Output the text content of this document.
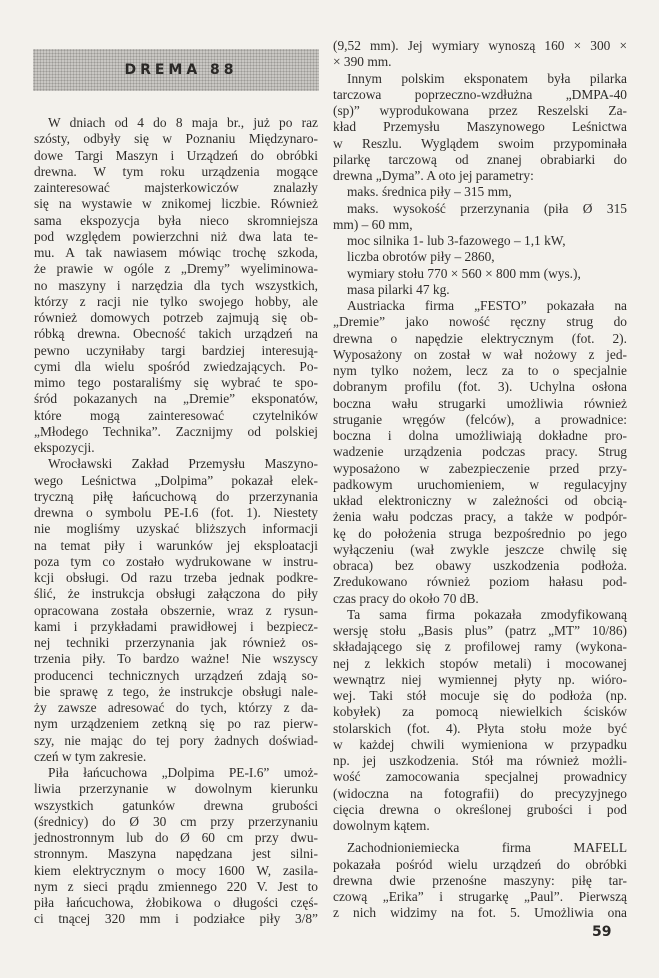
DREMA 88
W dniach od 4 do 8 maja br., już po raz
szósty, odbyły się w Poznaniu Międzynaro-
dowe Targi Maszyn i Urządzeń do obróbki
drewna. W tym roku urządzenia mogące
zainteresować majsterkowiczów znalazły
się na wystawie w znikomej liczbie. Również
sama ekspozycja była nieco skromniejsza
pod względem powierzchni niż dwa lata te-
mu. A tak nawiasem mówiąc trochę szkoda,
że prawie w ogóle z „Dremy” wyeliminowa-
no maszyny i narzędzia dla tych wszystkich,
którzy z racji nie tylko swojego hobby, ale
również domowych potrzeb zajmują się ob-
róbką drewna. Obecność takich urządzeń na
pewno uczyniłaby targi bardziej interesują-
cymi dla wielu spośród zwiedzających. Po-
mimo tego postaraliśmy się wybrać te spo-
śród pokazanych na „Dremie” eksponatów,
które mogą zainteresować czytelników
„Młodego Technika”. Zacznijmy od polskiej
ekspozycji.
Wrocławski Zakład Przemysłu Maszyno-
wego Leśnictwa „Dolpima” pokazał elek-
tryczną piłę łańcuchową do przerzynania
drewna o symbolu PE-I.6 (fot. 1). Niestety
nie mogliśmy uzyskać bliższych informacji
na temat piły i warunków jej eksploatacji
poza tym co zostało wydrukowane w instru-
kcji obsługi. Od razu trzeba jednak podkre-
ślić, że instrukcja obsługi załączona do piły
opracowana została obszernie, wraz z rysun-
kami i przykładami prawidłowej i bezpiecz-
nej techniki przerzynania jak również os-
trzenia piły. To bardzo ważne! Nie wszyscy
producenci technicznych urządzeń zdają so-
bie sprawę z tego, że instrukcje obsługi nale-
ży zawsze adresować do tych, którzy z da-
nym urządzeniem zetkną się po raz pierw-
szy, nie mając do tej pory żadnych doświad-
czeń w tym zakresie.
Piła łańcuchowa „Dolpima PE-I.6” umoż-
liwia przerzynanie w dowolnym kierunku
wszystkich gatunków drewna grubości
(średnicy) do Ø 30 cm przy przerzynaniu
jednostronnym lub do Ø 60 cm przy dwu-
stronnym. Maszyna napędzana jest silni-
kiem elektrycznym o mocy 1600 W, zasila-
nym z sieci prądu zmiennego 220 V. Jest to
piła łańcuchowa, żłobikowa o długości częś-
ci tnącej 320 mm i podziałce piły 3/8”
(9,52 mm). Jej wymiary wynoszą 160 × 300 ×
× 390 mm.
Innym polskim eksponatem była pilarka
tarczowa poprzeczno-wzdłużna „DMPA-40
(sp)” wyprodukowana przez Reszelski Za-
kład Przemysłu Maszynowego Leśnictwa
w Reszlu. Wyglądem swoim przypominała
pilarkę tarczową od znanej obrabiarki do
drewna „Dyma”. A oto jej parametry:
maks. średnica piły – 315 mm,
maks. wysokość przerzynania (piła Ø 315
mm) – 60 mm,
moc silnika 1- lub 3-fazowego – 1,1 kW,
liczba obrotów piły – 2860,
wymiary stołu 770 × 560 × 800 mm (wys.),
masa pilarki 47 kg.
Austriacka firma „FESTO” pokazała na
„Dremie” jako nowość ręczny strug do
drewna o napędzie elektrycznym (fot. 2).
Wyposażony on został w wał nożowy z jed-
nym tylko nożem, lecz za to o specjalnie
dobranym profilu (fot. 3). Uchylna osłona
boczna wału strugarki umożliwia również
struganie wręgów (felców), a prowadnice:
boczna i dolna umożliwiają dokładne pro-
wadzenie urządzenia podczas pracy. Strug
wyposażono w zabezpieczenie przed przy-
padkowym uruchomieniem, w regulacyjny
układ elektroniczny w zależności od obcią-
żenia wału podczas pracy, a także w podpór-
kę do położenia struga bezpośrednio po jego
wyłączeniu (wał zwykle jeszcze chwilę się
obraca) bez obawy uszkodzenia podłoża.
Zredukowano również poziom hałasu pod-
czas pracy do około 70 dB.
Ta sama firma pokazała zmodyfikowaną
wersję stołu „Basis plus” (patrz „MT” 10/86)
składającego się z profilowej ramy (wykona-
nej z lekkich stopów metali) i mocowanej
wewnątrz niej wymiennej płyty np. wióro-
wej. Taki stół mocuje się do podłoża (np.
kobyłek) za pomocą niewielkich ścisków
stolarskich (fot. 4). Płyta stołu może być
w każdej chwili wymieniona w przypadku
np. jej uszkodzenia. Stół ma również możli-
wość zamocowania specjalnej prowadnicy
(widoczna na fotografii) do precyzyjnego
cięcia drewna o określonej grubości i pod
dowolnym kątem.
Zachodnioniemiecka firma MAFELL
pokazała pośród wielu urządzeń do obróbki
drewna dwie przenośne maszyny: piłę tar-
czową „Erika” i strugarkę „Paul”. Pierwszą
z nich widzimy na fot. 5. Umożliwia ona
59
